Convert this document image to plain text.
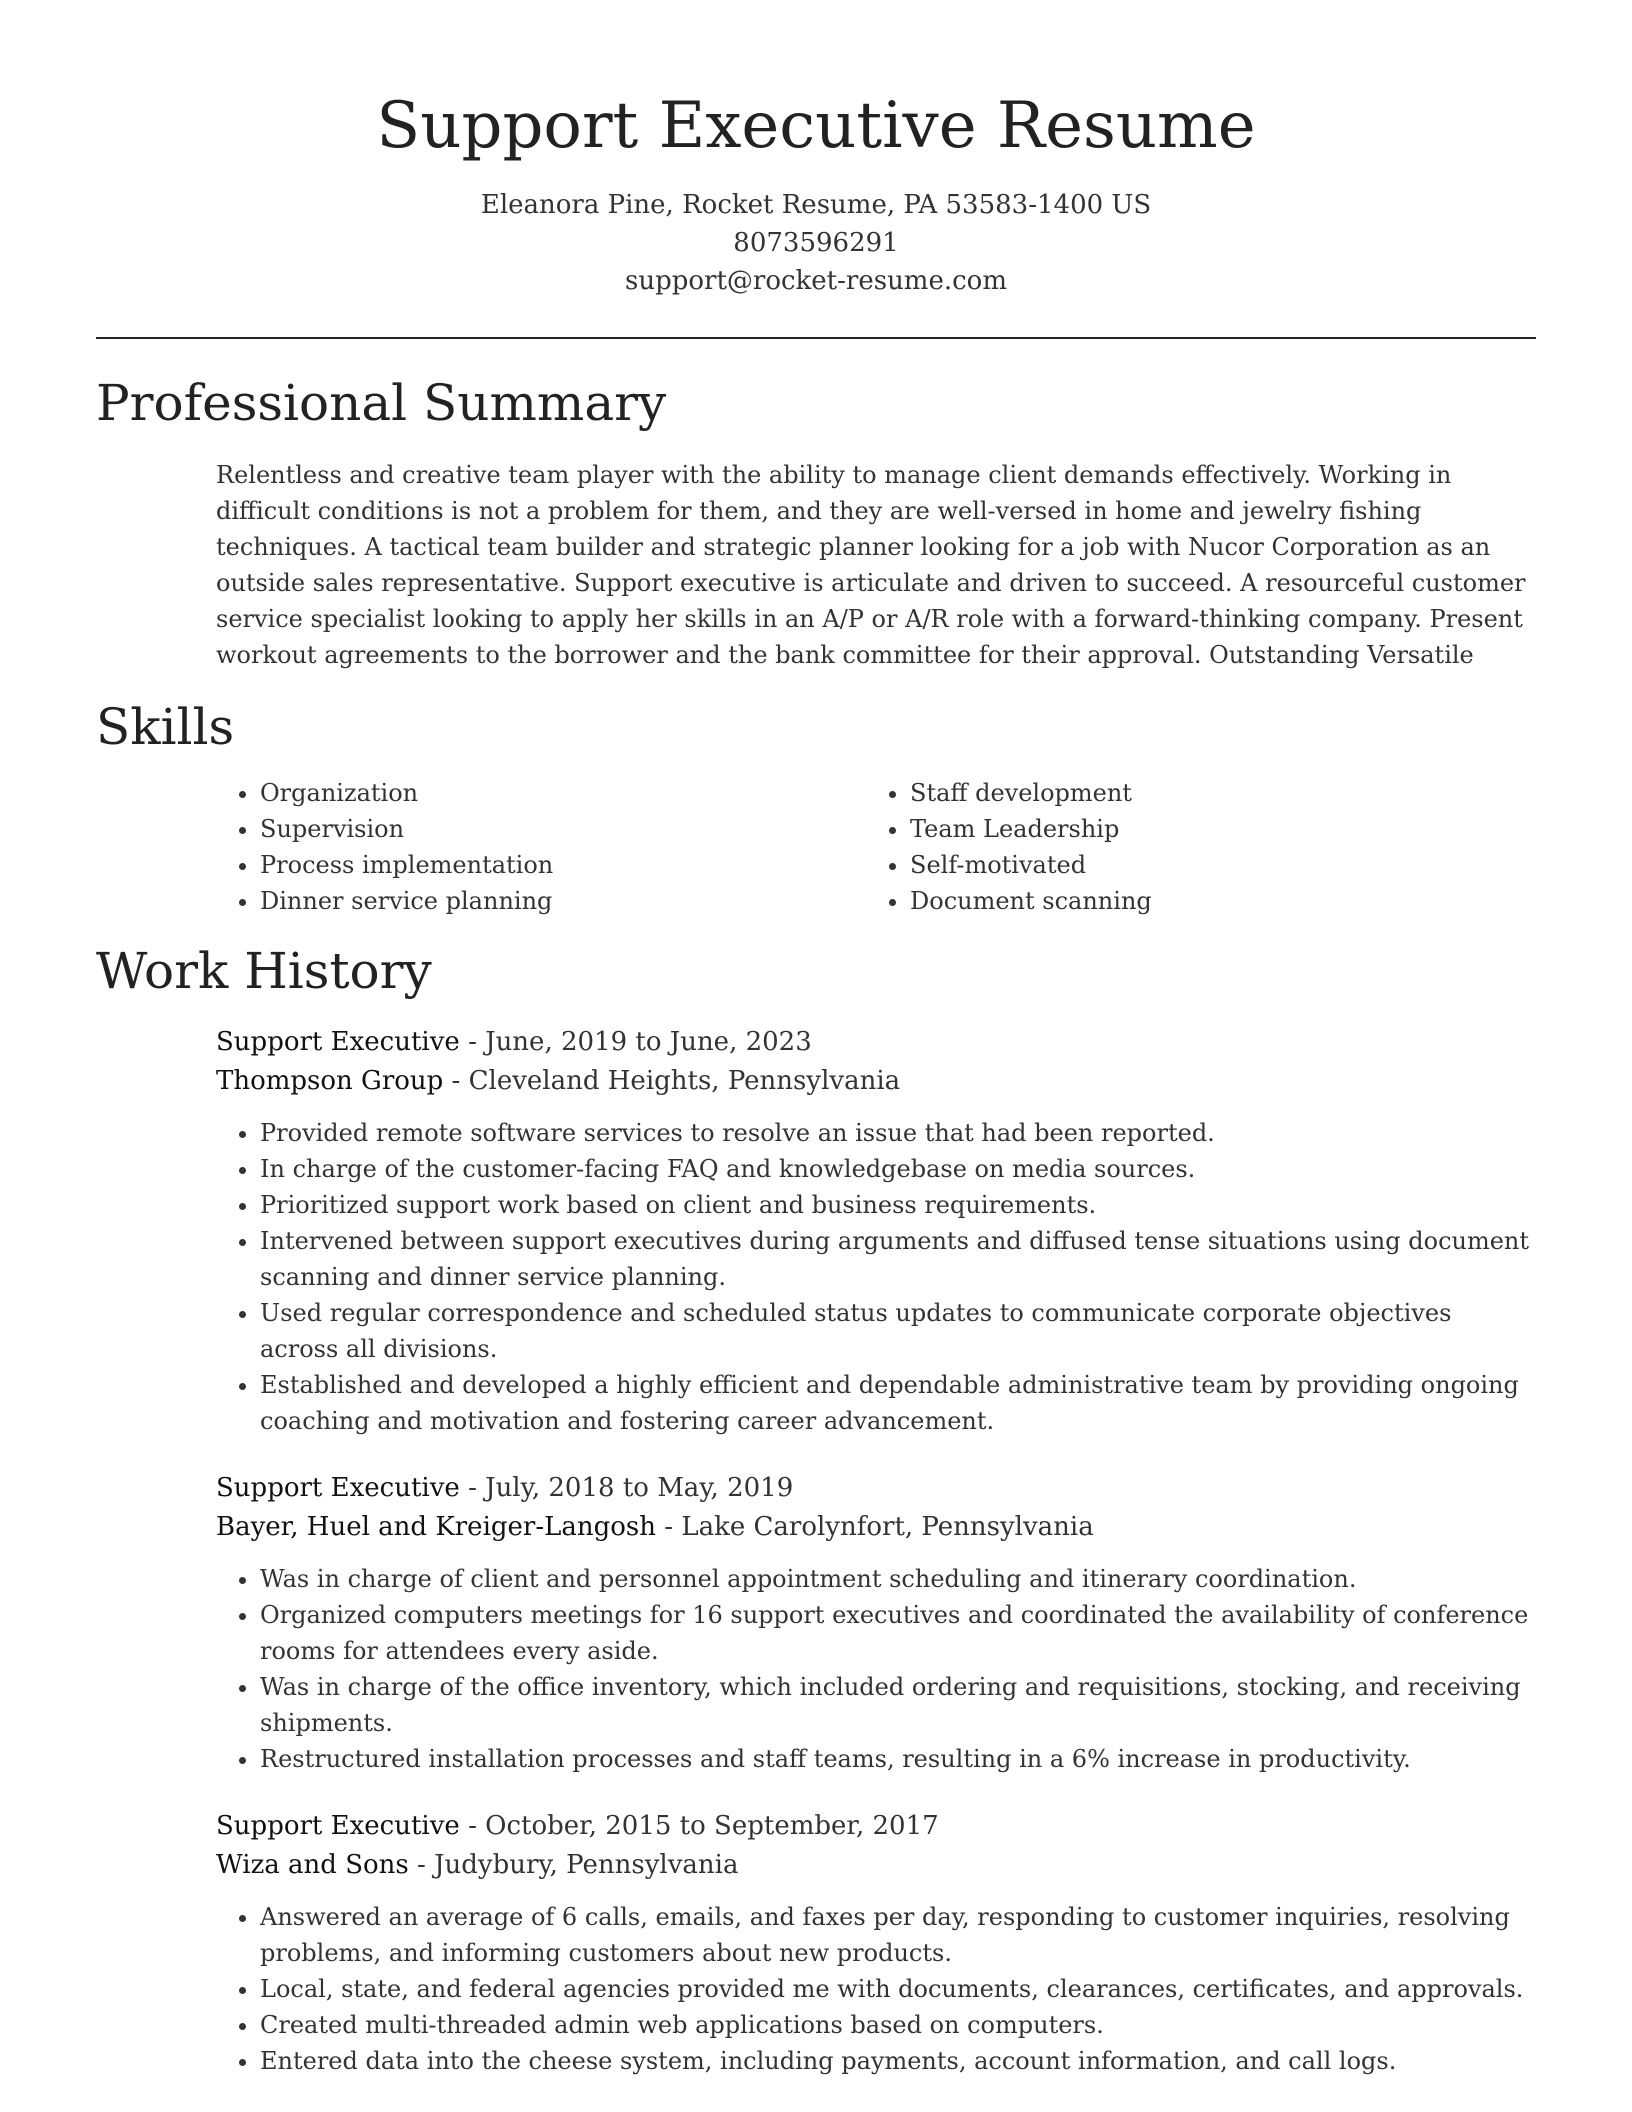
Support Executive Resume
Eleanora Pine, Rocket Resume, PA 53583-1400 US
8073596291
support@rocket-resume.com
Professional Summary

Relentless and creative team player with the ability to manage client demands effectively. Working in difficult conditions is not a problem for them, and they are well-versed in home and jewelry fishing techniques. A tactical team builder and strategic planner looking for a job with Nucor Corporation as an outside sales representative. Support executive is articulate and driven to succeed. A resourceful customer service specialist looking to apply her skills in an A/P or A/R role with a forward-thinking company. Present workout agreements to the borrower and the bank committee for their approval. Outstanding Versatile

Skills
• Organization
• Supervision
• Process implementation
• Dinner service planning
• Staff development
• Team Leadership
• Self-motivated
• Document scanning
Work History
Support Executive - June, 2019 to June, 2023
Thompson Group - Cleveland Heights, Pennsylvania
• Provided remote software services to resolve an issue that had been reported.
• In charge of the customer-facing FAQ and knowledgebase on media sources.
• Prioritized support work based on client and business requirements.
• Intervened between support executives during arguments and diffused tense situations using document scanning and dinner service planning.
• Used regular correspondence and scheduled status updates to communicate corporate objectives across all divisions.
• Established and developed a highly efficient and dependable administrative team by providing ongoing coaching and motivation and fostering career advancement.
Support Executive - July, 2018 to May, 2019
Bayer, Huel and Kreiger-Langosh - Lake Carolynfort, Pennsylvania
• Was in charge of client and personnel appointment scheduling and itinerary coordination.
• Organized computers meetings for 16 support executives and coordinated the availability of conference rooms for attendees every aside.
• Was in charge of the office inventory, which included ordering and requisitions, stocking, and receiving shipments.
• Restructured installation processes and staff teams, resulting in a 6% increase in productivity.
Support Executive - October, 2015 to September, 2017
Wiza and Sons - Judybury, Pennsylvania
• Answered an average of 6 calls, emails, and faxes per day, responding to customer inquiries, resolving problems, and informing customers about new products.
• Local, state, and federal agencies provided me with documents, clearances, certificates, and approvals.
• Created multi-threaded admin web applications based on computers.
• Entered data into the cheese system, including payments, account information, and call logs.
